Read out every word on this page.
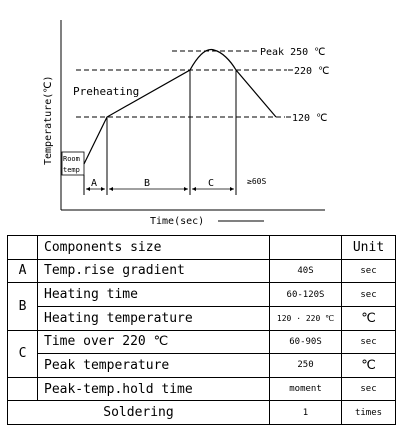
Room
temp
A	B	C	≥60S
Peak 250 ℃
220 ℃
120 ℃
Preheating
Temperature(℃)
Time(sec)
	Components size		Unit
A	Temp.rise gradient	40S	sec
B	Heating time	60-120S	sec
	Heating temperature	120 · 220 ℃	℃
C	Time over 220 ℃	60-90S	sec
	Peak temperature	250	℃
	Peak-temp.hold time	moment	sec
Soldering		1	times
